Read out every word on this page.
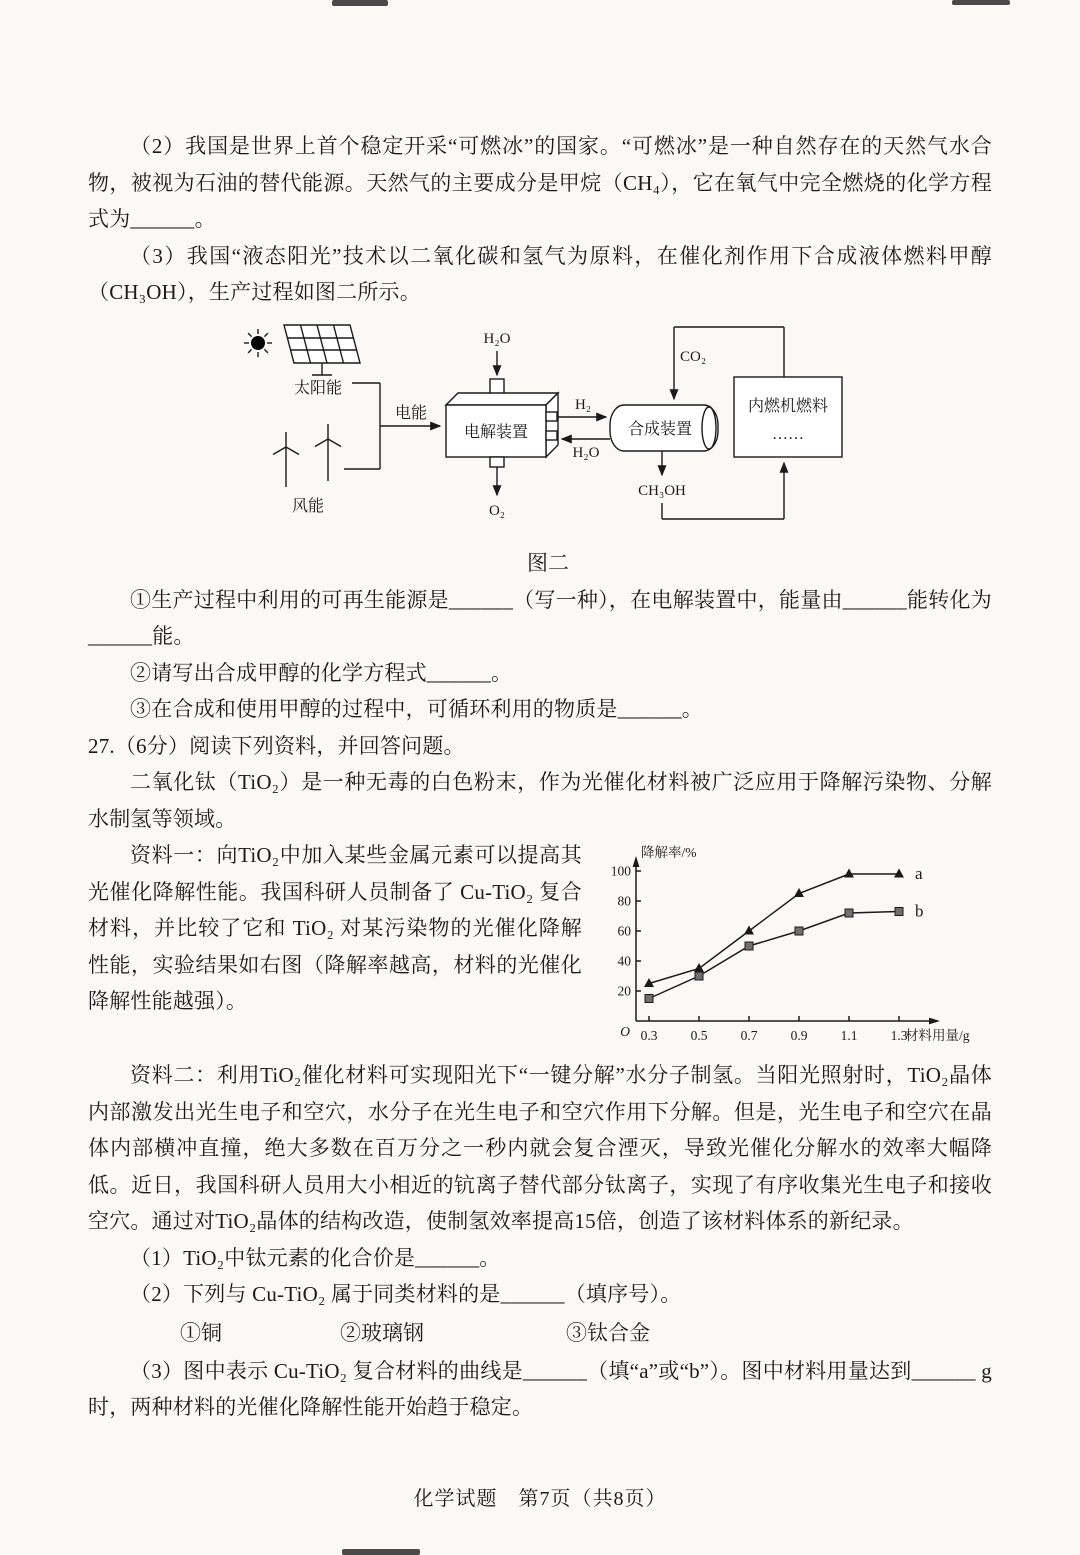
（2）我国是世界上首个稳定开采“可燃冰”的国家。“可燃冰”是一种自然存在的天然气水合物，被视为石油的替代能源。天然气的主要成分是甲烷（CH₄），它在氧气中完全燃烧的化学方程式为______。

（3）我国“液态阳光”技术以二氧化碳和氢气为原料，在催化剂作用下合成液体燃料甲醇（CH₃OH），生产过程如图二所示。

太阳能
风能
电能
CO₂
电解装置
H₂O
O₂
H₂
H₂O
合成装置
CH₃OH
内燃机燃料
……
图二

①生产过程中利用的可再生能源是______（写一种），在电解装置中，能量由______能转化为______能。

②请写出合成甲醇的化学方程式______。

③在合成和使用甲醇的过程中，可循环利用的物质是______。

27.（6分）阅读下列资料，并回答问题。

二氧化钛（TiO₂）是一种无毒的白色粉末，作为光催化材料被广泛应用于降解污染物、分解水制氢等领域。

降解率/%
材料用量/g
O
20
40
60
80
100
0.3 0.5 0.7 0.9 1.1 1.3
a
b

资料一：向TiO₂中加入某些金属元素可以提高其光催化降解性能。我国科研人员制备了 Cu-TiO₂ 复合材料，并比较了它和 TiO₂ 对某污染物的光催化降解性能，实验结果如右图（降解率越高，材料的光催化降解性能越强）。

资料二：利用TiO₂催化材料可实现阳光下“一键分解”水分子制氢。当阳光照射时，TiO₂晶体内部激发出光生电子和空穴，水分子在光生电子和空穴作用下分解。但是，光生电子和空穴在晶体内部横冲直撞，绝大多数在百万分之一秒内就会复合湮灭，导致光催化分解水的效率大幅降低。近日，我国科研人员用大小相近的钪离子替代部分钛离子，实现了有序收集光生电子和接收空穴。通过对TiO₂晶体的结构改造，使制氢效率提高15倍，创造了该材料体系的新纪录。

（1）TiO₂中钛元素的化合价是______。

（2）下列与 Cu-TiO₂ 属于同类材料的是______（填序号）。

①铜	②玻璃钢	③钛合金

（3）图中表示 Cu-TiO₂ 复合材料的曲线是______（填“a”或“b”）。图中材料用量达到______ g 时，两种材料的光催化降解性能开始趋于稳定。

化学试题　第7页（共8页）
